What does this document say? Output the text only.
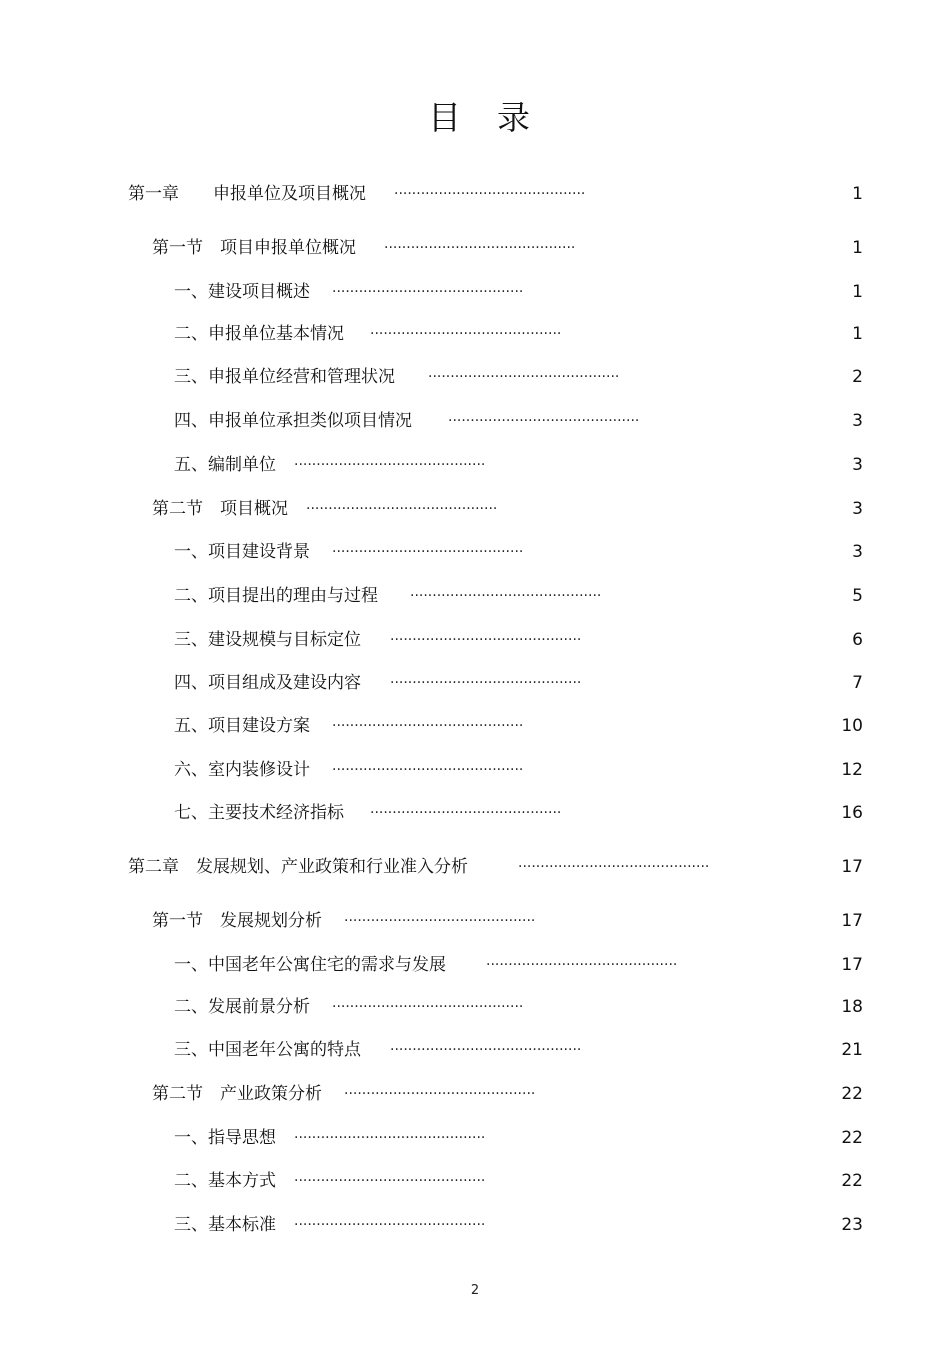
目 录
第一章　　申报单位及项目概况 ...........................................	1
第一节　项目申报单位概况 ...........................................	1
一、建设项目概述 ...........................................	1
二、申报单位基本情况 ...........................................	1
三、申报单位经营和管理状况 ...........................................	2
四、申报单位承担类似项目情况	...........................................	3
五、编制单位 ...........................................	3
第二节　项目概况 ...........................................	3
一、项目建设背景 ...........................................	3
二、项目提出的理由与过程 ...........................................	5
三、建设规模与目标定位 ...........................................	6
四、项目组成及建设内容 ...........................................	7
五、项目建设方案 ...........................................	10
六、室内装修设计 ...........................................	12
七、主要技术经济指标 ...........................................	16
第二章　发展规划、产业政策和行业准入分析	...........................................	17
第一节　发展规划分析 ...........................................	17
一、中国老年公寓住宅的需求与发展	...........................................	17
二、发展前景分析 ...........................................	18
三、中国老年公寓的特点 ...........................................	21
第二节　产业政策分析 ...........................................	22
一、指导思想 ...........................................	22
二、基本方式 ...........................................	22
三、基本标准 ...........................................	23
2
